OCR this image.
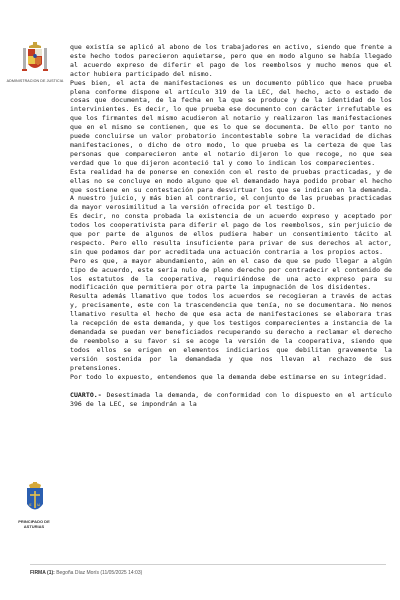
ADMINISTRACION DE JUSTICIA
α ω
PRINCIPADO DE ASTURIAS

que existía se aplicó al abono de los trabajadores en activo, siendo que frente a este hecho todos parecieron aquietarse, pero que en modo alguno se había llegado al acuerdo expreso de diferir el pago de los reembolsos y mucho menos que el actor hubiera participado del mismo.

Pues bien, el acta de manifestaciones es un documento público que hace prueba plena conforme dispone el artículo 319 de la LEC, del hecho, acto o estado de cosas que documenta, de la fecha en la que se produce y de la identidad de los intervinientes. Es decir, lo que prueba ese documento con carácter irrefutable es que los firmantes del mismo acudieron al notario y realizaron las manifestaciones que en el mismo se contienen, que es lo que se documenta. De ello por tanto no puede concluirse un valor probatorio incontestable sobre la veracidad de dichas manifestaciones, o dicho de otro modo, lo que prueba es la certeza de que las personas que comparecieron ante el notario dijeron lo que recoge, no que sea verdad que lo que dijeron aconteció tal y como lo indican los comparecientes.

Esta realidad ha de ponerse en conexión con el resto de pruebas practicadas, y de ellas no se concluye en modo alguno que el demandado haya podido probar el hecho que sostiene en su contestación para desvirtuar los que se indican en la demanda. A nuestro juicio, y más bien al contrario, el conjunto de las pruebas practicadas da mayor verosimilitud a la versión ofrecida por el testigo D.

Es decir, no consta probada la existencia de un acuerdo expreso y aceptado por todos los cooperativista para diferir el pago de los reembolsos, sin perjuicio de que por parte de algunos de ellos pudiera haber un consentimiento tácito al respecto. Pero ello resulta insuficiente para privar de sus derechos al actor, sin que podamos dar por acreditada una actuación contraria a los propios actos.

Pero es que, a mayor abundamiento, aún en el caso de que se pudo llegar a algún tipo de acuerdo, este sería nulo de pleno derecho por contradecir el contenido de los estatutos de la cooperativa, requiriéndose de una acto expreso para su modificación que permitiera por otra parte la impugnación de los disidentes.

Resulta además llamativo que todos los acuerdos se recogieran a través de actas y, precisamente, este con la trascendencia que tenía, no se documentara. No menos llamativo resulta el hecho de que esa acta de manifestaciones se elaborara tras la recepción de esta demanda, y que los testigos comparecientes a instancia de la demandada se puedan ver beneficiados recuperando su derecho a reclamar el derecho de reembolso a su favor si se acoge la versión de la cooperativa, siendo que todos ellos se erigen en elementos indiciarios que debilitan gravemente la versión sostenida por la demandada y que nos llevan al rechazo de sus pretensiones.

Por todo lo expuesto, entendemos que la demanda debe estimarse en su integridad.

CUARTO.- Desestimada la demanda, de conformidad con lo dispuesto en el artículo 396 de la LEC, se impondrán a la

FIRMA (1): Begoña Díaz Morís (11/05/2025 14:03)
